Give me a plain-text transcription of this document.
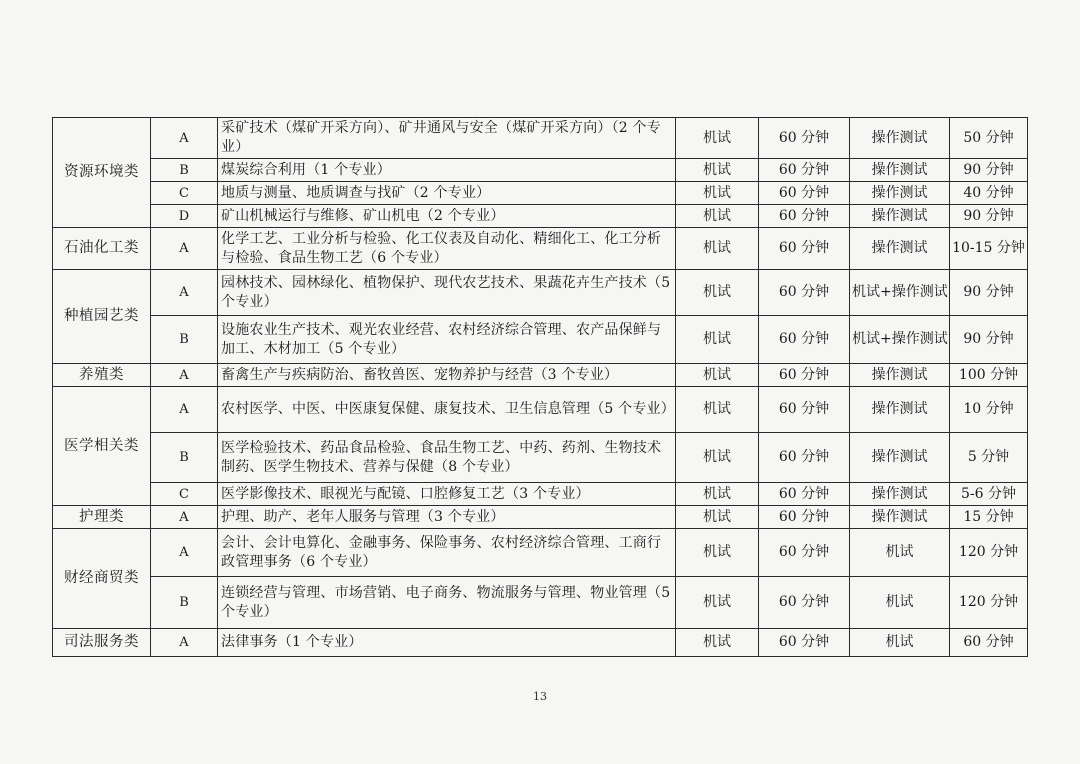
资源环境类	A	采矿技术（煤矿开采方向）、矿井通风与安全（煤矿开采方向）（2 个专业）	机试	60 分钟	操作测试	50 分钟
	B	煤炭综合利用（1 个专业）	机试	60 分钟	操作测试	90 分钟
	C	地质与测量、地质调查与找矿（2 个专业）	机试	60 分钟	操作测试	40 分钟
	D	矿山机械运行与维修、矿山机电（2 个专业）	机试	60 分钟	操作测试	90 分钟
石油化工类	A	化学工艺、工业分析与检验、化工仪表及自动化、精细化工、化工分析与检验、食品生物工艺（6 个专业）	机试	60 分钟	操作测试	10-15 分钟
种植园艺类	A	园林技术、园林绿化、植物保护、现代农艺技术、果蔬花卉生产技术（5 个专业）	机试	60 分钟	机试+操作测试	90 分钟
	B	设施农业生产技术、观光农业经营、农村经济综合管理、农产品保鲜与加工、木材加工（5 个专业）	机试	60 分钟	机试+操作测试	90 分钟
养殖类	A	畜禽生产与疾病防治、畜牧兽医、宠物养护与经营（3 个专业）	机试	60 分钟	操作测试	100 分钟
医学相关类	A	农村医学、中医、中医康复保健、康复技术、卫生信息管理（5 个专业）	机试	60 分钟	操作测试	10 分钟
	B	医学检验技术、药品食品检验、食品生物工艺、中药、药剂、生物技术制药、医学生物技术、营养与保健（8 个专业）	机试	60 分钟	操作测试	5 分钟
	C	医学影像技术、眼视光与配镜、口腔修复工艺（3 个专业）	机试	60 分钟	操作测试	5-6 分钟
护理类	A	护理、助产、老年人服务与管理（3 个专业）	机试	60 分钟	操作测试	15 分钟
财经商贸类	A	会计、会计电算化、金融事务、保险事务、农村经济综合管理、工商行政管理事务（6 个专业）	机试	60 分钟	机试	120 分钟
	B	连锁经营与管理、市场营销、电子商务、物流服务与管理、物业管理（5 个专业）	机试	60 分钟	机试	120 分钟
司法服务类	A	法律事务（1 个专业）	机试	60 分钟	机试	60 分钟
13
